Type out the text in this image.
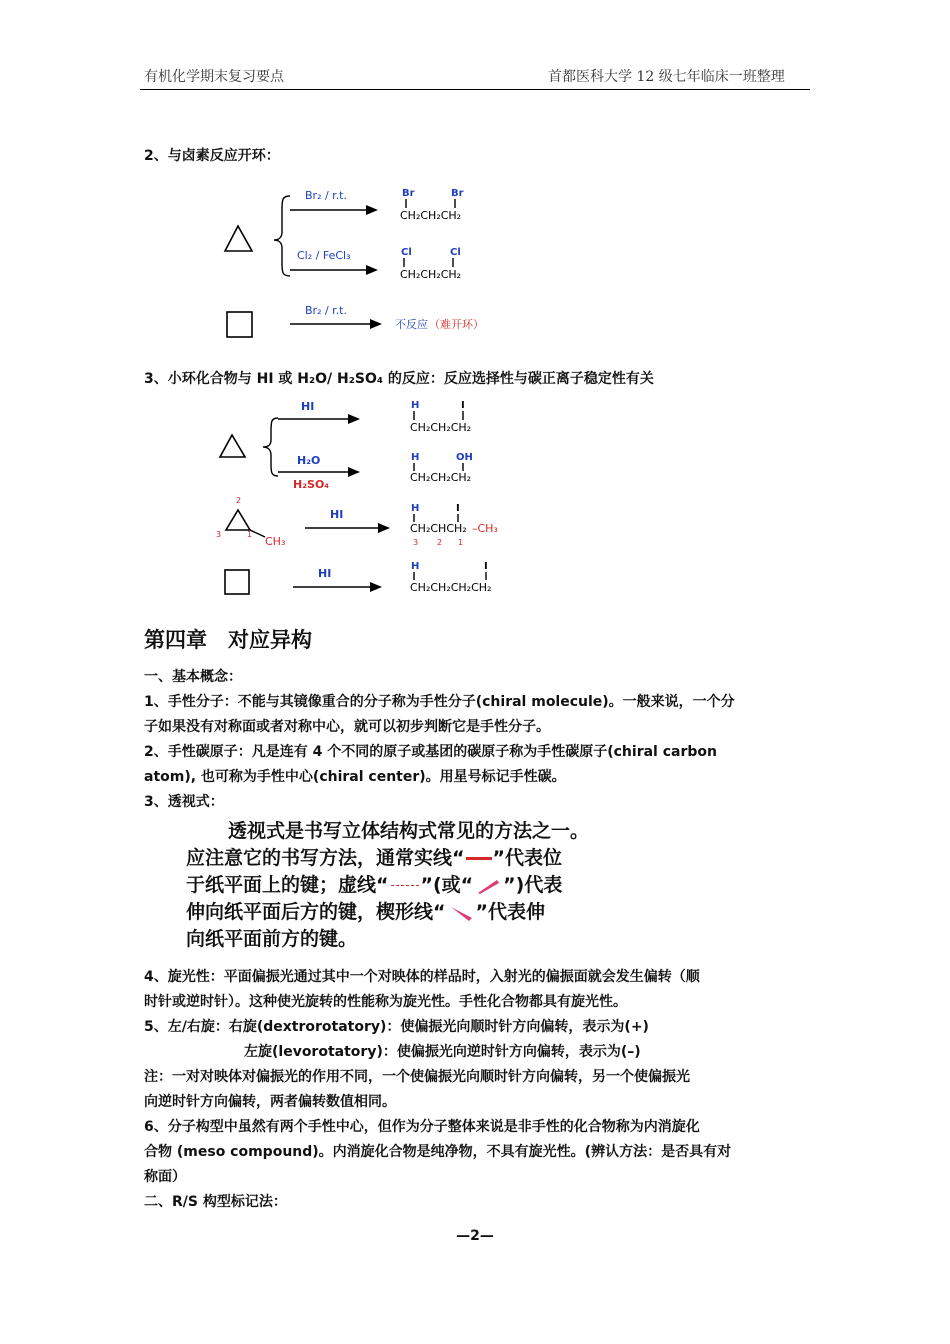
有机化学期末复习要点	首都医科大学 12 级七年临床一班整理
2、与卤素反应开环：
Br₂ / r.t.	Br	Br
CH₂CH₂CH₂
Cl₂ / FeCl₃	Cl	Cl
CH₂CH₂CH₂
Br₂ / r.t.
不反应 （难开环）
3、小环化合物与 HI 或 H₂O/ H₂SO₄ 的反应：反应选择性与碳正离子稳定性有关
HI	H	I
CH₂CH₂CH₂
H₂O
H₂SO₄
H	OH
CH₂CH₂CH₂
2
3	1
CH₃
HI	H	I
CH₂CHCH₂ –CH₃
3 2 1
HI
H	I
CH₂CH₂CH₂CH₂
第四章　对应异构
一、基本概念：
1、手性分子：不能与其镜像重合的分子称为手性分子(chiral molecule)。一般来说，一个分
子如果没有对称面或者对称中心，就可以初步判断它是手性分子。
2、手性碳原子：凡是连有 4 个不同的原子或基团的碳原子称为手性碳原子(chiral carbon
atom), 也可称为手性中心(chiral center)。用星号标记手性碳。
3、透视式：
透视式是书写立体结构式常见的方法之一。
应注意它的书写方法，通常实线“ ”代表位
于纸平面上的键；虚线“ ”(或“ ”)代表
伸向纸平面后方的键，楔形线“ ”代表伸
向纸平面前方的键。
4、旋光性：平面偏振光通过其中一个对映体的样品时，入射光的偏振面就会发生偏转（顺
时针或逆时针）。这种使光旋转的性能称为旋光性。手性化合物都具有旋光性。
5、左/右旋：右旋(dextrorotatory)：使偏振光向顺时针方向偏转，表示为(+)
左旋(levorotatory)：使偏振光向逆时针方向偏转，表示为(–)
注：一对对映体对偏振光的作用不同，一个使偏振光向顺时针方向偏转，另一个使偏振光
向逆时针方向偏转，两者偏转数值相同。
6、分子构型中虽然有两个手性中心，但作为分子整体来说是非手性的化合物称为内消旋化
合物 (meso compound)。内消旋化合物是纯净物，不具有旋光性。(辨认方法：是否具有对
称面）
二、R/S 构型标记法：
—2—
